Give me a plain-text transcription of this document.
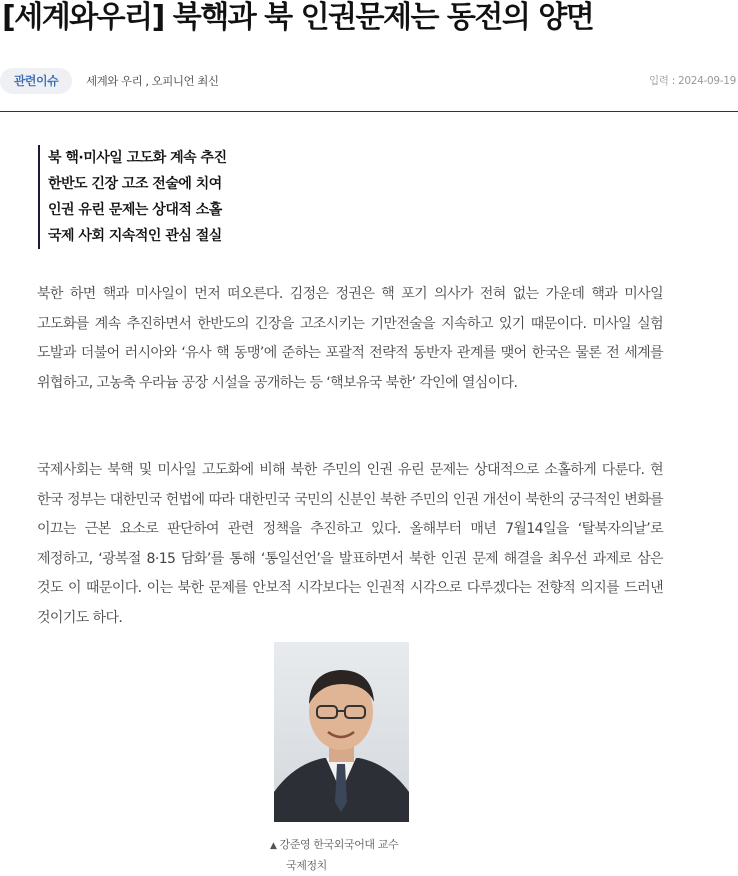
[세계와우리] 북핵과 북 인권문제는 동전의 양면
관련이슈	세계와 우리 , 오피니언 최신	입력 : 2024-09-19
북 핵·미사일 고도화 계속 추진
한반도 긴장 고조 전술에 치여
인권 유린 문제는 상대적 소홀
국제 사회 지속적인 관심 절실

북한 하면 핵과 미사일이 먼저 떠오른다. 김정은 정권은 핵 포기 의사가 전혀 없는 가운데 핵과 미사일 고도화를 계속 추진하면서 한반도의 긴장을 고조시키는 기만전술을 지속하고 있기 때문이다. 미사일 실험 도발과 더불어 러시아와 ‘유사 핵 동맹’에 준하는 포괄적 전략적 동반자 관계를 맺어 한국은 물론 전 세계를 위협하고, 고농축 우라늄 공장 시설을 공개하는 등 ‘핵보유국 북한’ 각인에 열심이다.

국제사회는 북핵 및 미사일 고도화에 비해 북한 주민의 인권 유린 문제는 상대적으로 소홀하게 다룬다. 현 한국 정부는 대한민국 헌법에 따라 대한민국 국민의 신분인 북한 주민의 인권 개선이 북한의 궁극적인 변화를 이끄는 근본 요소로 판단하여 관련 정책을 추진하고 있다. 올해부터 매년 7월14일을 ‘탈북자의날’로 제정하고, ‘광복절 8·15 담화’를 통해 ‘통일선언’을 발표하면서 북한 인권 문제 해결을 최우선 과제로 삼은 것도 이 때문이다. 이는 북한 문제를 안보적 시각보다는 인권적 시각으로 다루겠다는 전향적 의지를 드러낸 것이기도 하다.

▲ 강준영 한국외국어대 교수
국제정치
